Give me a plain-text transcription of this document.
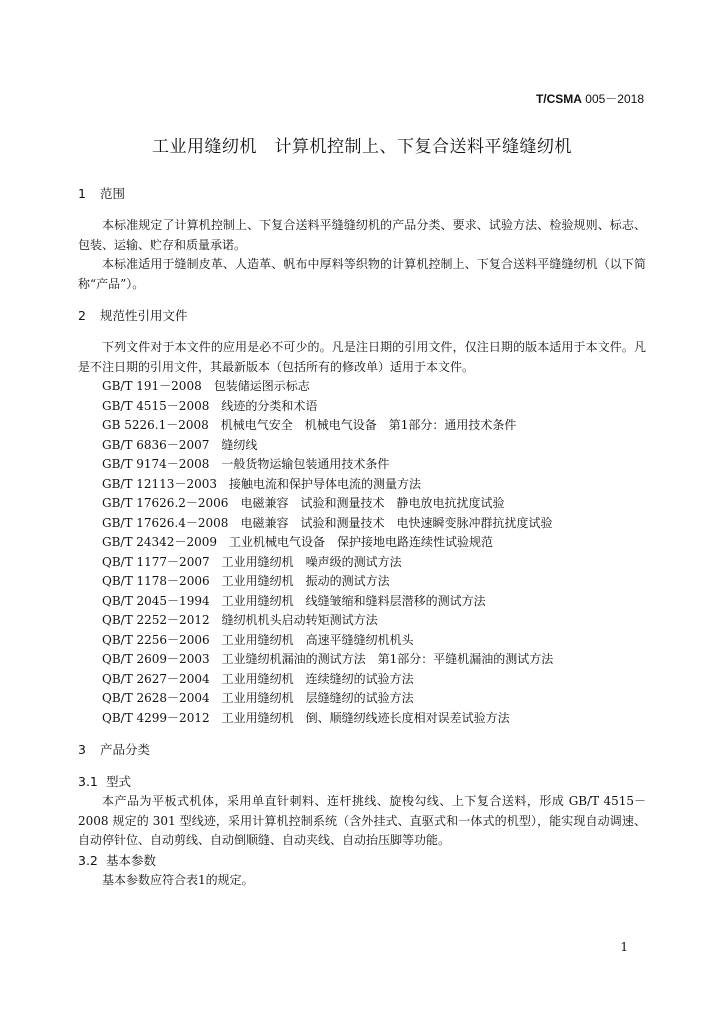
T/CSMA 005－2018
工业用缝纫机　计算机控制上、下复合送料平缝缝纫机
1 范围

本标准规定了计算机控制上、下复合送料平缝缝纫机的产品分类、要求、试验方法、检验规则、标志、包装、运输、贮存和质量承诺。

本标准适用于缝制皮革、人造革、帆布中厚料等织物的计算机控制上、下复合送料平缝缝纫机（以下简称“产品”）。

2 规范性引用文件

下列文件对于本文件的应用是必不可少的。凡是注日期的引用文件，仅注日期的版本适用于本文件。凡是不注日期的引用文件，其最新版本（包括所有的修改单）适用于本文件。

GB/T 191－2008 包装储运图示标志

GB/T 4515－2008 线迹的分类和术语

GB 5226.1－2008 机械电气安全　机械电气设备　第1部分：通用技术条件

GB/T 6836－2007 缝纫线

GB/T 9174－2008 一般货物运输包装通用技术条件

GB/T 12113－2003 接触电流和保护导体电流的测量方法

GB/T 17626.2－2006 电磁兼容　试验和测量技术　静电放电抗扰度试验

GB/T 17626.4－2008 电磁兼容　试验和测量技术　电快速瞬变脉冲群抗扰度试验

GB/T 24342－2009 工业机械电气设备　保护接地电路连续性试验规范

QB/T 1177－2007 工业用缝纫机　噪声级的测试方法

QB/T 1178－2006 工业用缝纫机　振动的测试方法

QB/T 2045－1994 工业用缝纫机　线缝皱缩和缝料层潜移的测试方法

QB/T 2252－2012 缝纫机机头启动转矩测试方法

QB/T 2256－2006 工业用缝纫机　高速平缝缝纫机机头

QB/T 2609－2003 工业缝纫机漏油的测试方法　第1部分：平缝机漏油的测试方法

QB/T 2627－2004 工业用缝纫机　连续缝纫的试验方法

QB/T 2628－2004 工业用缝纫机　层缝缝纫的试验方法

QB/T 4299－2012 工业用缝纫机　倒、顺缝纫线迹长度相对误差试验方法

3 产品分类
3.1 型式

本产品为平板式机体，采用单直针刺料、连杆挑线、旋梭勾线、上下复合送料，形成 GB/T 4515－2008 规定的 301 型线迹，采用计算机控制系统（含外挂式、直驱式和一体式的机型），能实现自动调速、自动停针位、自动剪线、自动倒顺缝、自动夹线、自动抬压脚等功能。

3.2 基本参数

基本参数应符合表1的规定。

1
